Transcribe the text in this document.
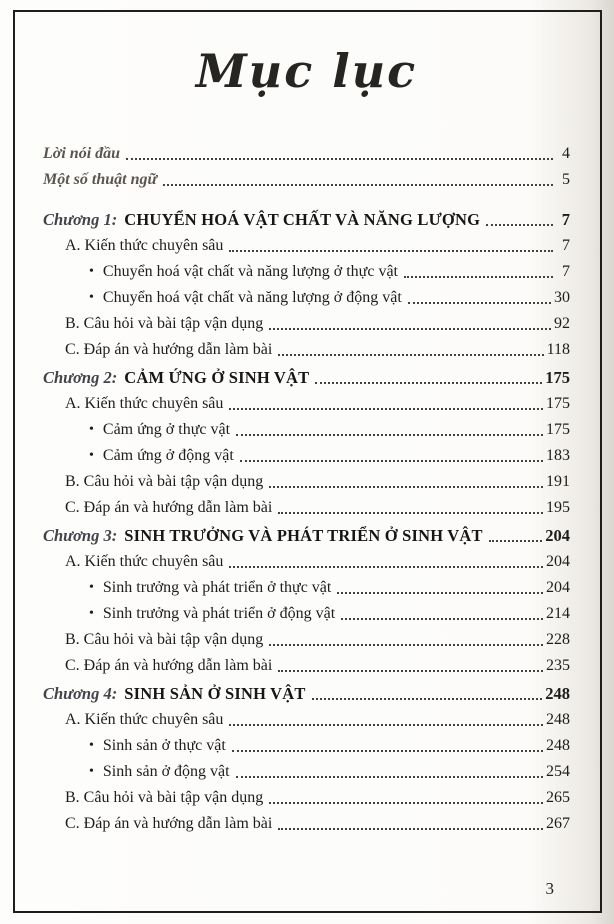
Mục lục
Lời nói đầu	4
Một số thuật ngữ	5
Chương 1: CHUYỂN HOÁ VẬT CHẤT VÀ NĂNG LƯỢNG	7
A. Kiến thức chuyên sâu	7
• Chuyển hoá vật chất và năng lượng ở thực vật	7
• Chuyển hoá vật chất và năng lượng ở động vật	30
B. Câu hỏi và bài tập vận dụng	92
C. Đáp án và hướng dẫn làm bài	118
Chương 2: CẢM ỨNG Ở SINH VẬT	175
A. Kiến thức chuyên sâu	175
• Cảm ứng ở thực vật	175
• Cảm ứng ở động vật	183
B. Câu hỏi và bài tập vận dụng	191
C. Đáp án và hướng dẫn làm bài	195
Chương 3: SINH TRƯỞNG VÀ PHÁT TRIỂN Ở SINH VẬT	204
A. Kiến thức chuyên sâu	204
• Sinh trưởng và phát triển ở thực vật	204
• Sinh trưởng và phát triển ở động vật	214
B. Câu hỏi và bài tập vận dụng	228
C. Đáp án và hướng dẫn làm bài	235
Chương 4: SINH SẢN Ở SINH VẬT	248
A. Kiến thức chuyên sâu	248
• Sinh sản ở thực vật	248
• Sinh sản ở động vật	254
B. Câu hỏi và bài tập vận dụng	265
C. Đáp án và hướng dẫn làm bài	267
3
